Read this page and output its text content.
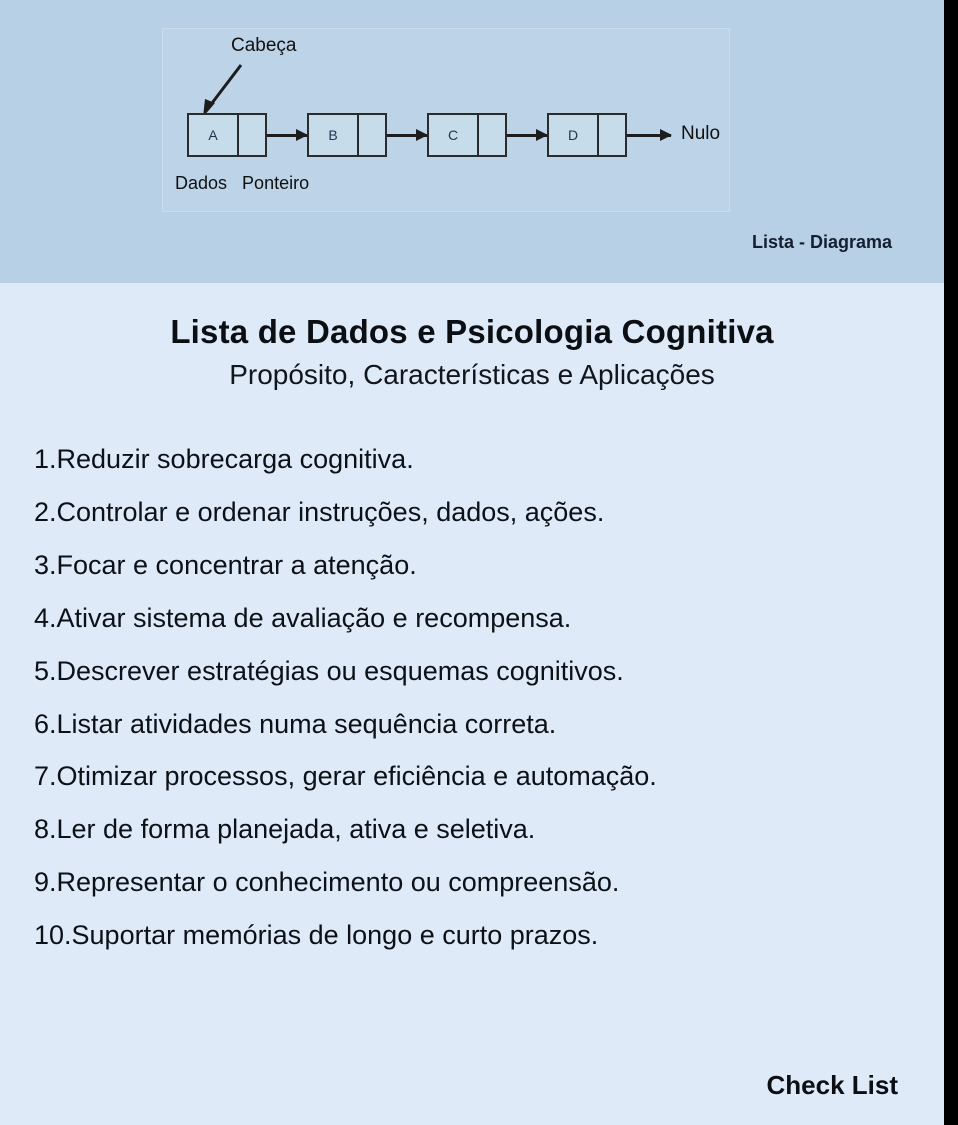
Cabeça
A	B	C	D	Nulo
Dados Ponteiro
Lista - Diagrama
Lista de Dados e Psicologia Cognitiva
Propósito, Características e Aplicações
1.Reduzir sobrecarga cognitiva.
2.Controlar e ordenar instruções, dados, ações.
3.Focar e concentrar a atenção.
4.Ativar sistema de avaliação e recompensa.
5.Descrever estratégias ou esquemas cognitivos.
6.Listar atividades numa sequência correta.
7.Otimizar processos, gerar eficiência e automação.
8.Ler de forma planejada, ativa e seletiva.
9.Representar o conhecimento ou compreensão.
10.Suportar memórias de longo e curto prazos.
Check List
